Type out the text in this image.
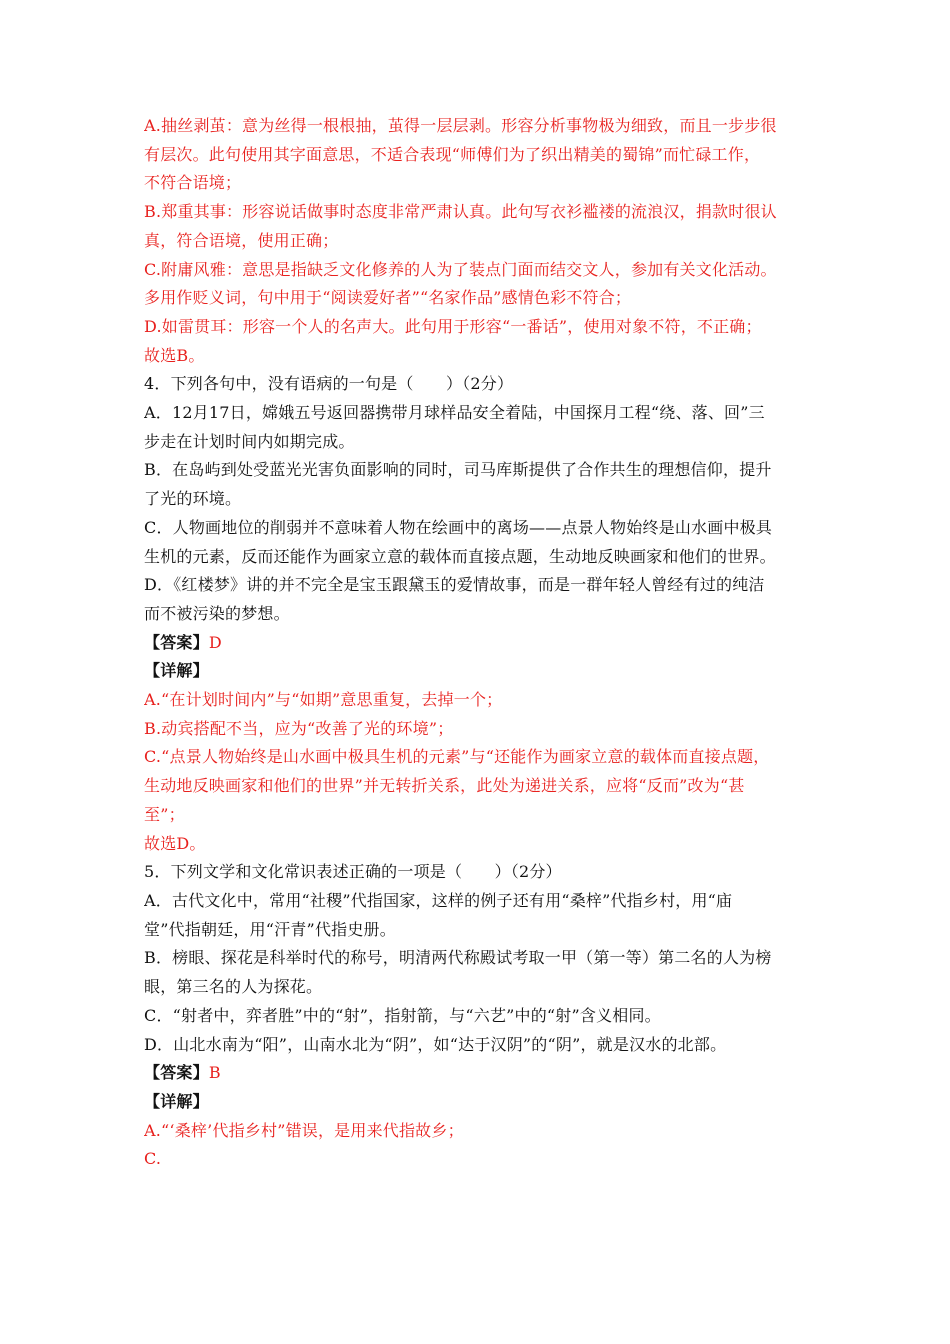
A.抽丝剥茧：意为丝得一根根抽，茧得一层层剥。形容分析事物极为细致，而且一步步很
有层次。此句使用其字面意思，不适合表现“师傅们为了织出精美的蜀锦”而忙碌工作，
不符合语境；
B.郑重其事：形容说话做事时态度非常严肃认真。此句写衣衫褴褛的流浪汉，捐款时很认
真，符合语境，使用正确；
C.附庸风雅：意思是指缺乏文化修养的人为了装点门面而结交文人，参加有关文化活动。
多用作贬义词，句中用于“阅读爱好者”“名家作品”感情色彩不符合；
D.如雷贯耳：形容一个人的名声大。此句用于形容“一番话”，使用对象不符，不正确；
故选B。
4．下列各句中，没有语病的一句是（　　）（2分）
A．12月17日，嫦娥五号返回器携带月球样品安全着陆，中国探月工程“绕、落、回”三
步走在计划时间内如期完成。
B．在岛屿到处受蓝光光害负面影响的同时，司马库斯提供了合作共生的理想信仰，提升
了光的环境。
C．人物画地位的削弱并不意味着人物在绘画中的离场——点景人物始终是山水画中极具
生机的元素，反而还能作为画家立意的载体而直接点题，生动地反映画家和他们的世界。
D．《红楼梦》讲的并不完全是宝玉跟黛玉的爱情故事，而是一群年轻人曾经有过的纯洁
而不被污染的梦想。
【答案】D
【详解】
A.“在计划时间内”与“如期”意思重复，去掉一个；
B.动宾搭配不当，应为“改善了光的环境”；
C.“点景人物始终是山水画中极具生机的元素”与“还能作为画家立意的载体而直接点题，
生动地反映画家和他们的世界”并无转折关系，此处为递进关系，应将“反而”改为“甚
至”；
故选D。
5．下列文学和文化常识表述正确的一项是（　　）（2分）
A．古代文化中，常用“社稷”代指国家，这样的例子还有用“桑梓”代指乡村，用“庙
堂”代指朝廷，用“汗青”代指史册。
B．榜眼、探花是科举时代的称号，明清两代称殿试考取一甲（第一等）第二名的人为榜
眼，第三名的人为探花。
C．“射者中，弈者胜”中的“射”，指射箭，与“六艺”中的“射”含义相同。
D．山北水南为“阳”，山南水北为“阴”，如“达于汉阴”的“阴”，就是汉水的北部。
【答案】B
【详解】
A.“‘桑梓’代指乡村”错误，是用来代指故乡；
C.
